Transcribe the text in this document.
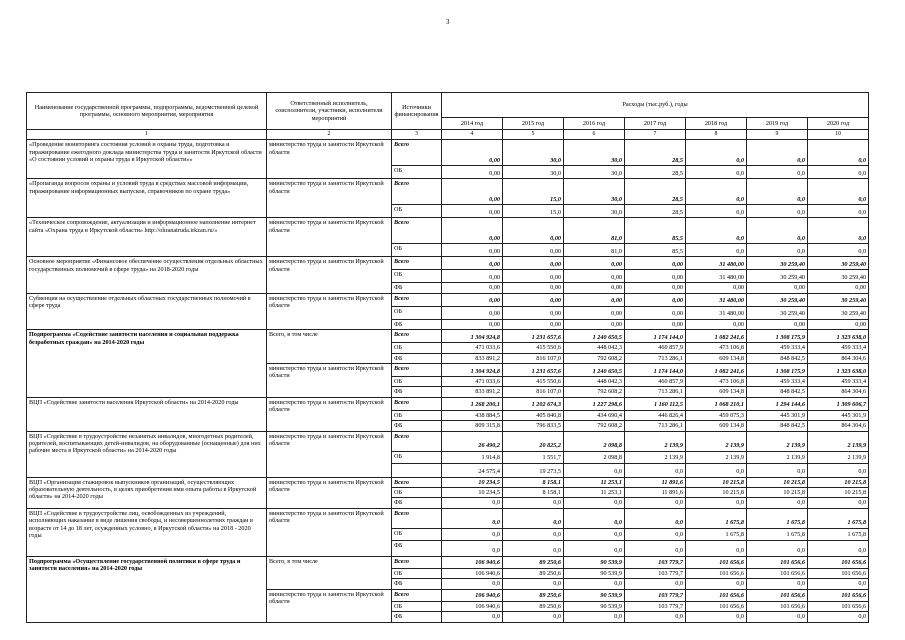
3
Наименование государственной программы, подпрограммы, ведомственной целевой программы, основного мероприятия, мероприятия	Ответственный исполнитель, соисполнители, участники, исполнители мероприятий	Источники финансирования	Расходы (тыс.руб.), годы						
			2014 год	2015 год	2016 год	2017 год	2018 год	2019 год	2020 год
1	2	3	4	5	6	7	8	9	10
«Проведение мониторинга состояния условий и охраны труда, подготовка и тиражирование ежегодного доклада министерства труда и занятости Иркутской области «О состоянии условий и охраны труда в Иркутской области»»	министерство труда и занятости Иркутской области	Всего	0,00	30,0	30,0	28,5	0,0	0,0	0,0
		ОБ	0,00	30,0	30,0	28,5	0,0	0,0	0,0
«Пропаганда вопросов охраны и условий труда в средствах массовой информации, тиражирование информационных выпусков, справочников по охране труда»	министерство труда и занятости Иркутской области	Всего	0,00	15,0	30,0	28,5	0,0	0,0	0,0
		ОБ	0,00	15,0	30,0	28,5	0,0	0,0	0,0
«Техническое сопровождение, актуализация и информационное наполнение интернет сайта «Охрана труда в Иркутской области» http://ohranatruda.irkzan.ru/»	министерство труда и занятости Иркутской области	Всего	0,00	0,00	81,0	85,5	0,0	0,0	0,0
		ОБ	0,00	0,00	81,0	85,5	0,0	0,0	0,0
Основное мероприятие «Финансовое обеспечение осуществления отдельных областных государственных полномочий в сфере труда» на 2018-2020 годы	министерство труда и занятости Иркутской области	Всего	0,00	0,00	0,00	0,00	31 480,00	30 259,40	30 259,40
		ОБ	0,00	0,00	0,00	0,00	31 480,00	30 259,40	30 259,40
		ФБ	0,00	0,00	0,00	0,00	0,00	0,00	0,00
Субвенция на осуществление отдельных областных государственных полномочий в сфере труда	министерство труда и занятости Иркутской области	Всего	0,00	0,00	0,00	0,00	31 480,00	30 259,40	30 259,40
		ОБ	0,00	0,00	0,00	0,00	31 480,00	30 259,40	30 259,40
		ФБ	0,00	0,00	0,00	0,00	0,00	0,00	0,00
Подпрограмма «Содействие занятости населения и социальная поддержка безработных граждан» на 2014-2020 годы	Всего, в том числе	Всего	1 304 924,8	1 231 657,6	1 240 650,5	1 174 144,0	1 082 241,6	1 308 175,9	1 323 638,0
		ОБ	471 033,6	415 550,6	448 042,3	460 857,9	473 106,8	459 333,4	459 333,4
		ФБ	833 891,2	816 107,0	792 608,2	713 286,1	609 134,8	848 842,5	864 304,6
	министерство труда и занятости Иркутской области	Всего	1 304 924,8	1 231 657,6	1 240 650,5	1 174 144,0	1 082 241,6	1 308 175,9	1 323 638,0
		ОБ	471 033,6	415 550,6	448 042,3	460 857,9	473 106,8	459 333,4	459 333,4
		ФБ	833 891,2	816 107,0	792 608,2	713 286,1	609 134,8	848 842,5	864 304,6
ВЦП «Содействие занятости населения Иркутской области» на 2014-2020 годы	министерство труда и занятости Иркутской области	Всего	1 268 200,1	1 202 674,3	1 227 298,6	1 160 112,5	1 068 210,1	1 294 144,6	1 309 606,7
		ОБ	438 884,5	405 840,8	434 690,4	446 826,4	459 075,3	445 301,9	445 301,9
		ФБ	809 315,8	796 833,5	792 608,2	713 286,1	609 134,8	848 842,5	864 304,6
ВЦП «Содействие в трудоустройстве незанятых инвалидов, многодетных родителей, родителей, воспитывающих детей-инвалидов, на оборудованные (оснащенные) для них рабочие места в Иркутской области» на 2014-2020 годы	министерство труда и занятости Иркутской области	Всего	26 490,2	20 825,2	2 098,8	2 139,9	2 139,9	2 139,9	2 139,9
		ОБ	1 914,8	1 551,7	2 098,8	2 139,9	2 139,9	2 139,9	2 139,9
			24 575,4	19 273,5	0,0	0,0	0,0	0,0	0,0
ВЦП «Организация стажировок выпускников организаций, осуществляющих образовательную деятельность, в целях приобретения ими опыта работы в Иркутской области» на 2014-2020 годы	министерство труда и занятости Иркутской области	Всего	10 234,5	8 158,1	11 253,1	11 891,6	10 215,8	10 215,8	10 215,8
		ОБ	10 234,5	8 158,1	11 253,1	11 891,6	10 215,8	10 215,8	10 215,8
		ФБ	0,0	0,0	0,0	0,0	0,0	0,0	0,0
ВЦП «Содействие в трудоустройстве лиц, освобожденных из учреждений, исполняющих наказание в виде лишения свободы, и несовершеннолетних граждан в возрасте от 14 до 18 лет, осужденных условно, в Иркутской области» на 2018 - 2020 годы	министерство труда и занятости Иркутской области	Всего	0,0	0,0	0,0	0,0	1 675,8	1 675,8	1 675,8
		ОБ	0,0	0,0	0,0	0,0	1 675,8	1 675,8	1 675,8
		ФБ	0,0	0,0	0,0	0,0	0,0	0,0	0,0
Подпрограмма «Осуществление государственной политики в сфере труда и занятости населения» на 2014-2020 годы	Всего, в том числе	Всего	106 940,6	89 250,6	90 539,9	103 779,7	101 656,6	101 656,6	101 656,6
		ОБ	106 940,6	89 250,6	90 539,9	103 779,7	101 656,6	101 656,6	101 656,6
		ФБ	0,0	0,0	0,0	0,0	0,0	0,0	0,0
	министерство труда и занятости Иркутской области	Всего	106 940,6	89 250,6	90 539,9	103 779,7	101 656,6	101 656,6	101 656,6
		ОБ	106 940,6	89 250,6	90 539,9	103 779,7	101 656,6	101 656,6	101 656,6
		ФБ	0,0	0,0	0,0	0,0	0,0	0,0	0,0
